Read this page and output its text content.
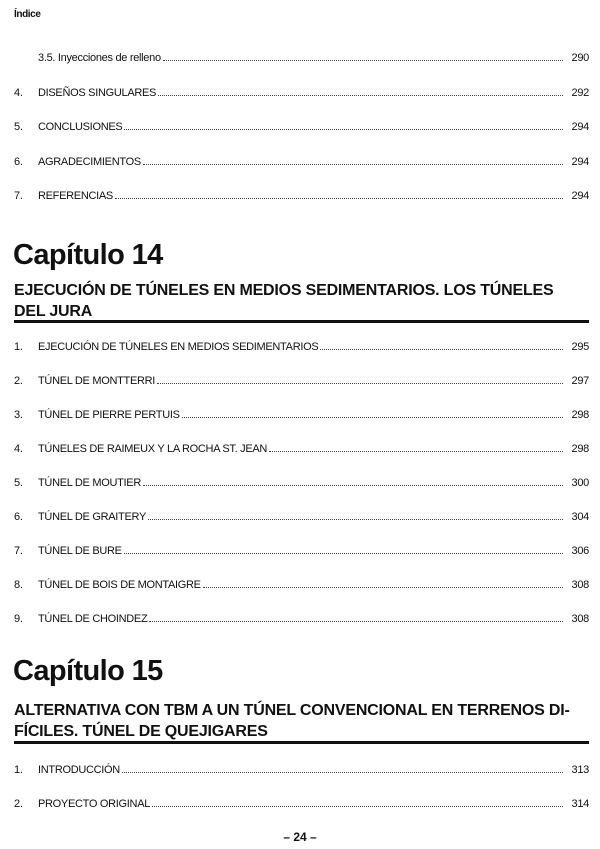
Índice
3.5. Inyecciones de relleno	290
4.	DISEÑOS SINGULARES	292
5.	CONCLUSIONES	294
6.	AGRADECIMIENTOS	294
7.	REFERENCIAS	294
Capítulo 14
EJECUCIÓN DE TÚNELES EN MEDIOS SEDIMENTARIOS. LOS TÚNELES
DEL JURA
1.	EJECUCIÓN DE TÚNELES EN MEDIOS SEDIMENTARIOS	295
2.	TÚNEL DE MONTTERRI	297
3.	TÚNEL DE PIERRE PERTUIS	298
4.	TÚNELES DE RAIMEUX Y LA ROCHA ST. JEAN	298
5.	TÚNEL DE MOUTIER	300
6.	TÚNEL DE GRAITERY	304
7.	TÚNEL DE BURE	306
8.	TÚNEL DE BOIS DE MONTAIGRE	308
9.	TÚNEL DE CHOINDEZ	308
Capítulo 15
ALTERNATIVA CON TBM A UN TÚNEL CONVENCIONAL EN TERRENOS DI-
FÍCILES. TÚNEL DE QUEJIGARES
1.	INTRODUCCIÓN	313
2.	PROYECTO ORIGINAL	314
– 24 –
